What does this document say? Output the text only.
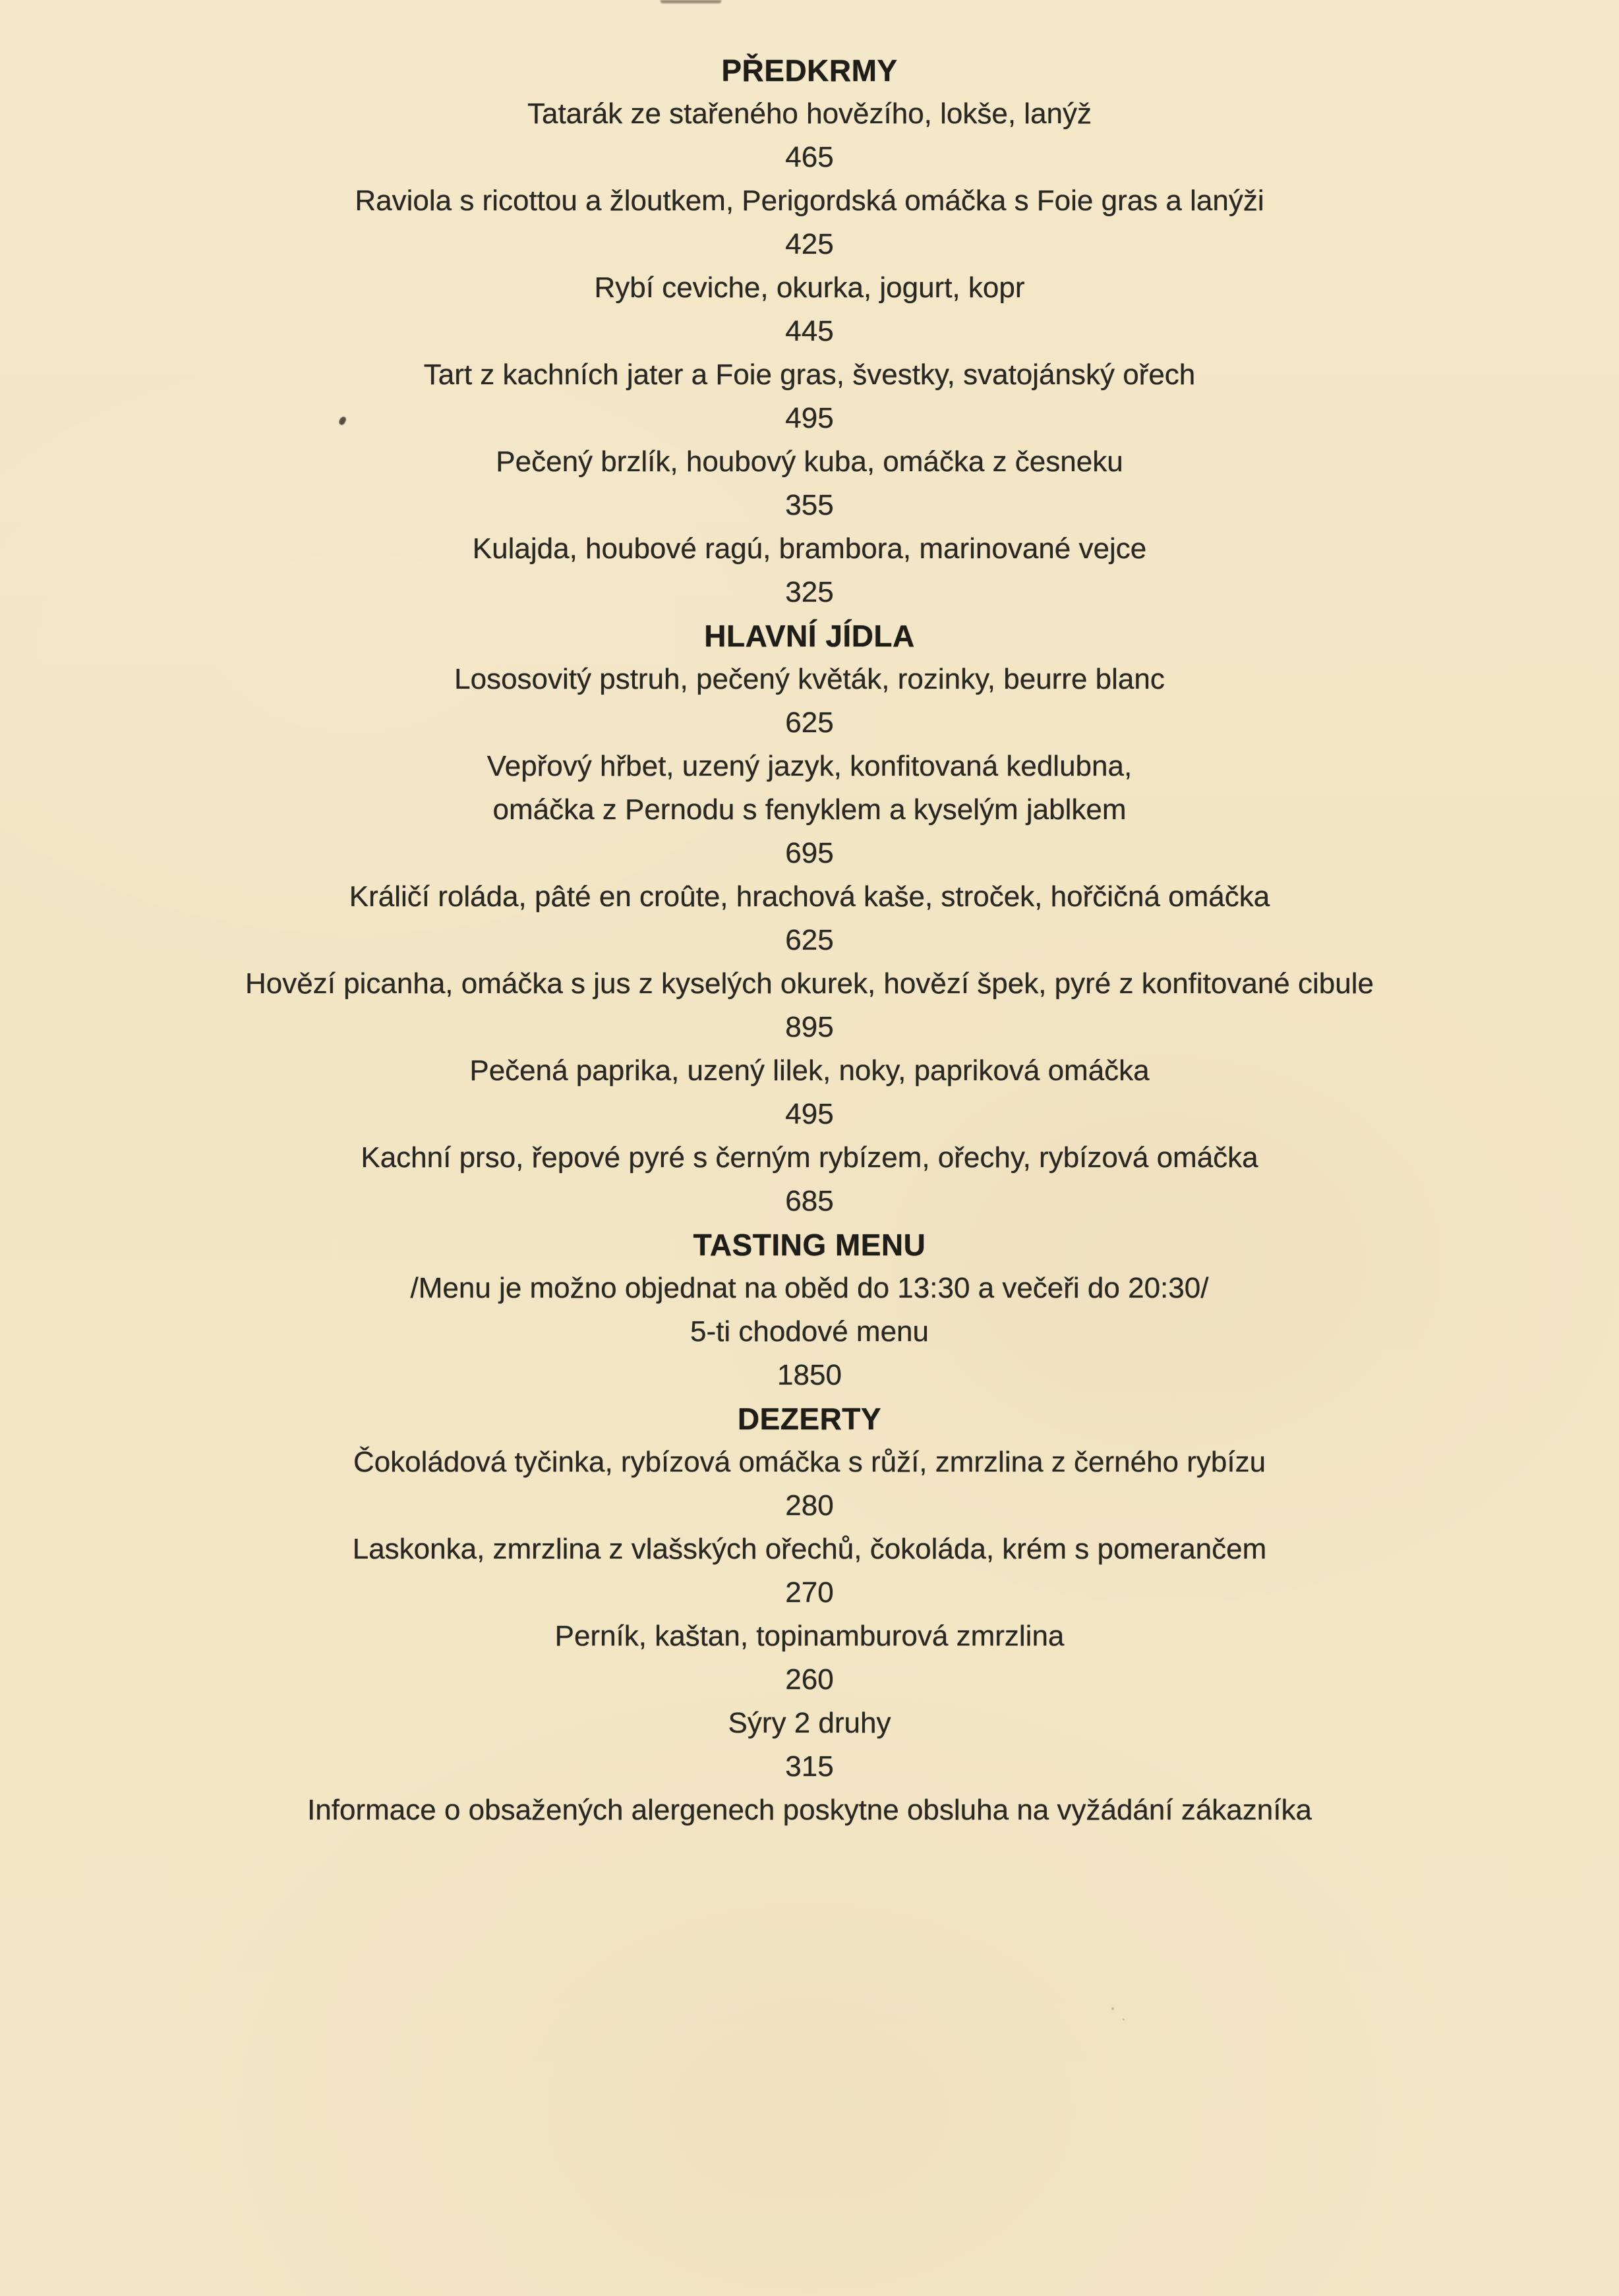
PŘEDKRMY
Tatarák ze stařeného hovězího, lokše, lanýž
465
Raviola s ricottou a žloutkem, Perigordská omáčka s Foie gras a lanýži
425
Rybí ceviche, okurka, jogurt, kopr
445
Tart z kachních jater a Foie gras, švestky, svatojánský ořech
495
Pečený brzlík, houbový kuba, omáčka z česneku
355
Kulajda, houbové ragú, brambora, marinované vejce
325
HLAVNÍ JÍDLA
Lososovitý pstruh, pečený květák, rozinky, beurre blanc
625
Vepřový hřbet, uzený jazyk, konfitovaná kedlubna,
omáčka z Pernodu s fenyklem a kyselým jablkem
695
Králičí roláda, pâté en croûte, hrachová kaše, stroček, hořčičná omáčka
625
Hovězí picanha, omáčka s jus z kyselých okurek, hovězí špek, pyré z konfitované cibule
895
Pečená paprika, uzený lilek, noky, papriková omáčka
495
Kachní prso, řepové pyré s černým rybízem, ořechy, rybízová omáčka
685
TASTING MENU
/Menu je možno objednat na oběd do 13:30 a večeři do 20:30/
5-ti chodové menu
1850
DEZERTY
Čokoládová tyčinka, rybízová omáčka s růží, zmrzlina z černého rybízu
280
Laskonka, zmrzlina z vlašských ořechů, čokoláda, krém s pomerančem
270
Perník, kaštan, topinamburová zmrzlina
260
Sýry 2 druhy
315
Informace o obsažených alergenech poskytne obsluha na vyžádání zákazníka
